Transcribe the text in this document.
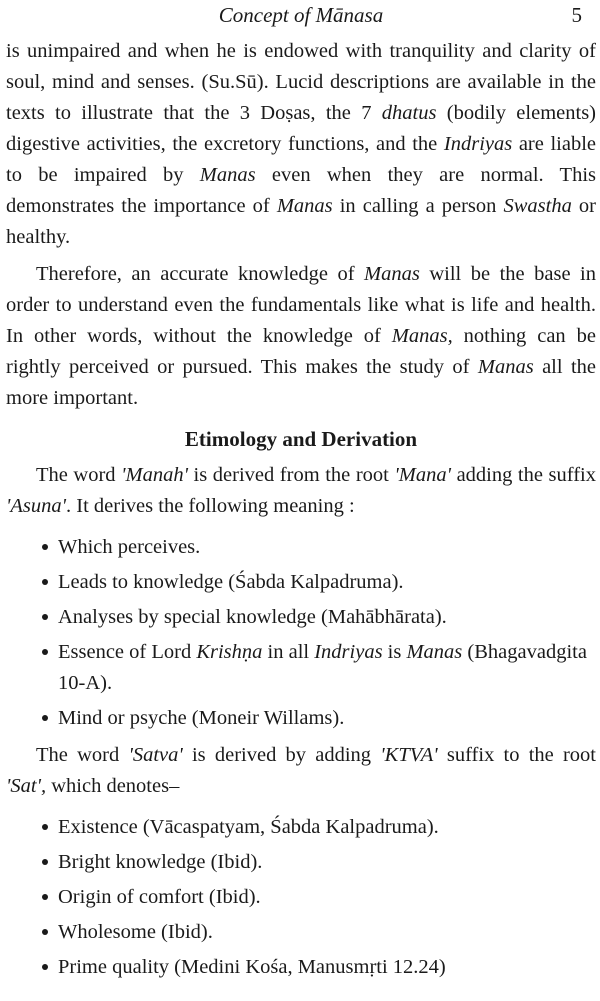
Concept of Mānasa	5

is unimpaired and when he is endowed with tranquility and clarity of soul, mind and senses. (Su.Sū). Lucid descriptions are available in the texts to illustrate that the 3 Doṣas, the 7 dhatus (bodily elements) digestive activities, the excretory functions, and the Indriyas are liable to be impaired by Manas even when they are normal. This demonstrates the importance of Manas in calling a person Swastha or healthy.

Therefore, an accurate knowledge of Manas will be the base in order to understand even the fundamentals like what is life and health. In other words, without the knowledge of Manas, nothing can be rightly perceived or pursued. This makes the study of Manas all the more important.

Etimology and Derivation

The word 'Manah' is derived from the root 'Mana' adding the suffix 'Asuna'. It derives the following meaning :

Which perceives.
Leads to knowledge (Śabda Kalpadruma).
Analyses by special knowledge (Mahābhārata).
Essence of Lord Krishṇa in all Indriyas is Manas (Bhagavadgita 10-A).
Mind or psyche (Moneir Willams).

The word 'Satva' is derived by adding 'KTVA' suffix to the root 'Sat', which denotes–

Existence (Vācaspatyam, Śabda Kalpadruma).
Bright knowledge (Ibid).
Origin of comfort (Ibid).
Wholesome (Ibid).
Prime quality (Medini Kośa, Manusmṛti 12.24)
